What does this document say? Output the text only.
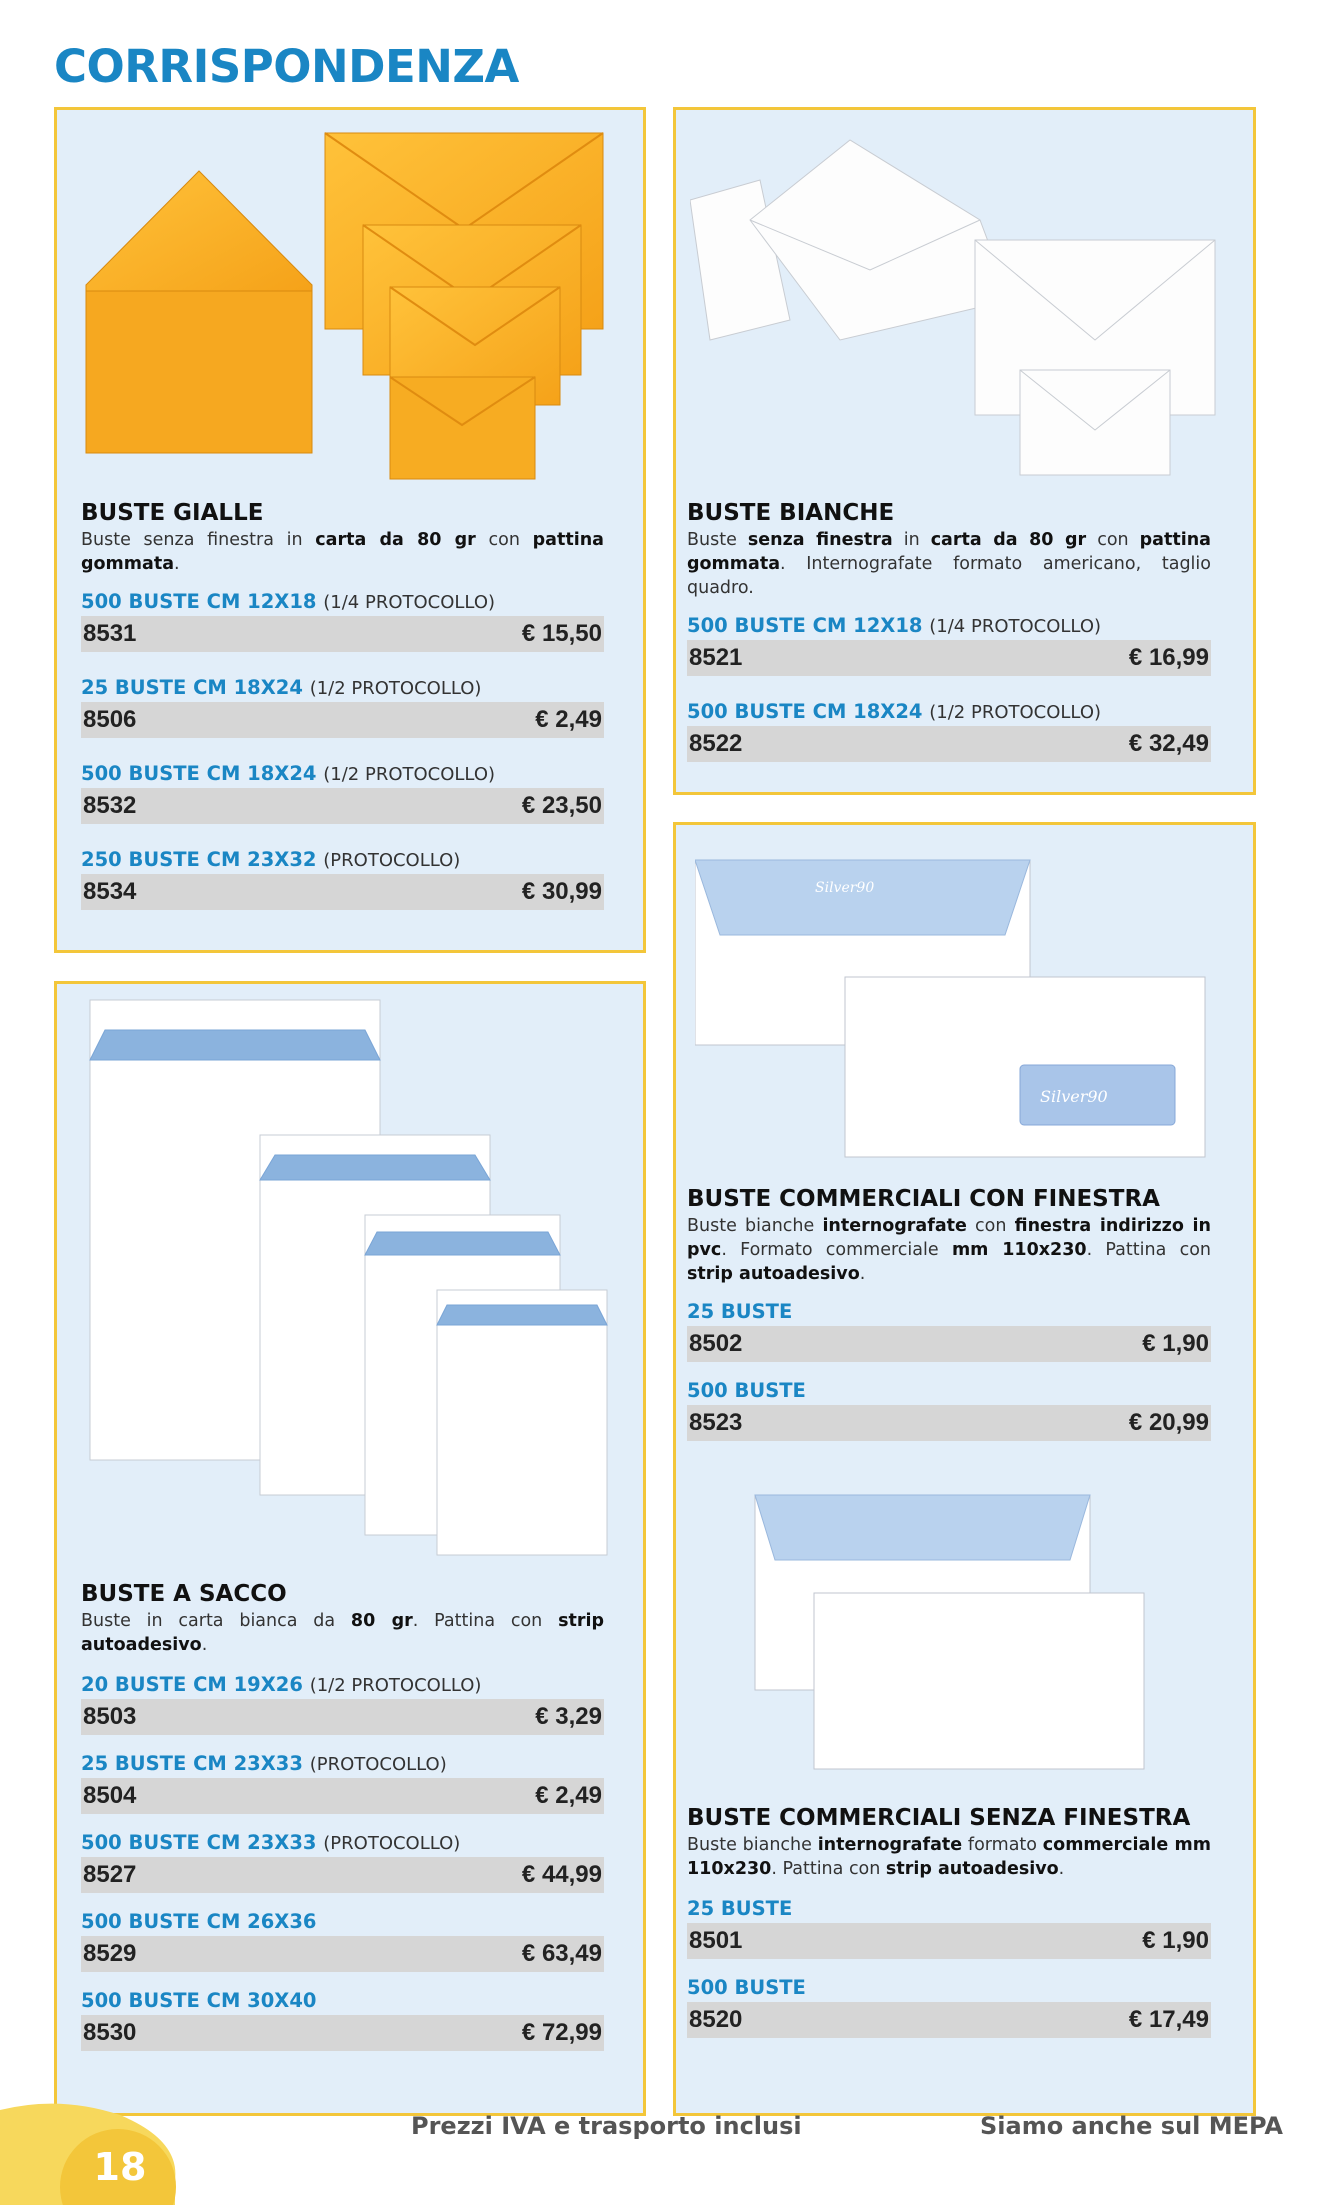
CORRISPONDENZA
Silver90
Silver90
BUSTE GIALLE
Buste senza finestra in carta da 80 gr con pattina gommata.
500 BUSTE CM 12X18 (1/4 PROTOCOLLO)
8531	€ 15,50
25 BUSTE CM 18X24 (1/2 PROTOCOLLO)
8506	€ 2,49
500 BUSTE CM 18X24 (1/2 PROTOCOLLO)
8532	€ 23,50
250 BUSTE CM 23X32 (PROTOCOLLO)
8534	€ 30,99
BUSTE BIANCHE
Buste senza finestra in carta da 80 gr con pattina gommata. Internografate formato americano, taglio quadro.
500 BUSTE CM 12X18 (1/4 PROTOCOLLO)
8521	€ 16,99
500 BUSTE CM 18X24 (1/2 PROTOCOLLO)
8522	€ 32,49
BUSTE COMMERCIALI CON FINESTRA
Buste bianche internografate con finestra indirizzo in pvc. Formato commerciale mm 110x230. Pattina con strip autoadesivo.
25 BUSTE
8502	€ 1,90
500 BUSTE
8523	€ 20,99
BUSTE A SACCO
Buste in carta bianca da 80 gr. Pattina con strip autoadesivo.
20 BUSTE CM 19X26 (1/2 PROTOCOLLO)
8503	€ 3,29
25 BUSTE CM 23X33 (PROTOCOLLO)
8504	€ 2,49
500 BUSTE CM 23X33 (PROTOCOLLO)
8527	€ 44,99
500 BUSTE CM 26X36
8529	€ 63,49
500 BUSTE CM 30X40
8530	€ 72,99
BUSTE COMMERCIALI SENZA FINESTRA
Buste bianche internografate formato commerciale mm 110x230. Pattina con strip autoadesivo.
25 BUSTE
8501	€ 1,90
500 BUSTE
8520	€ 17,49
18
Prezzi IVA e trasporto inclusi	Siamo anche sul MEPA
